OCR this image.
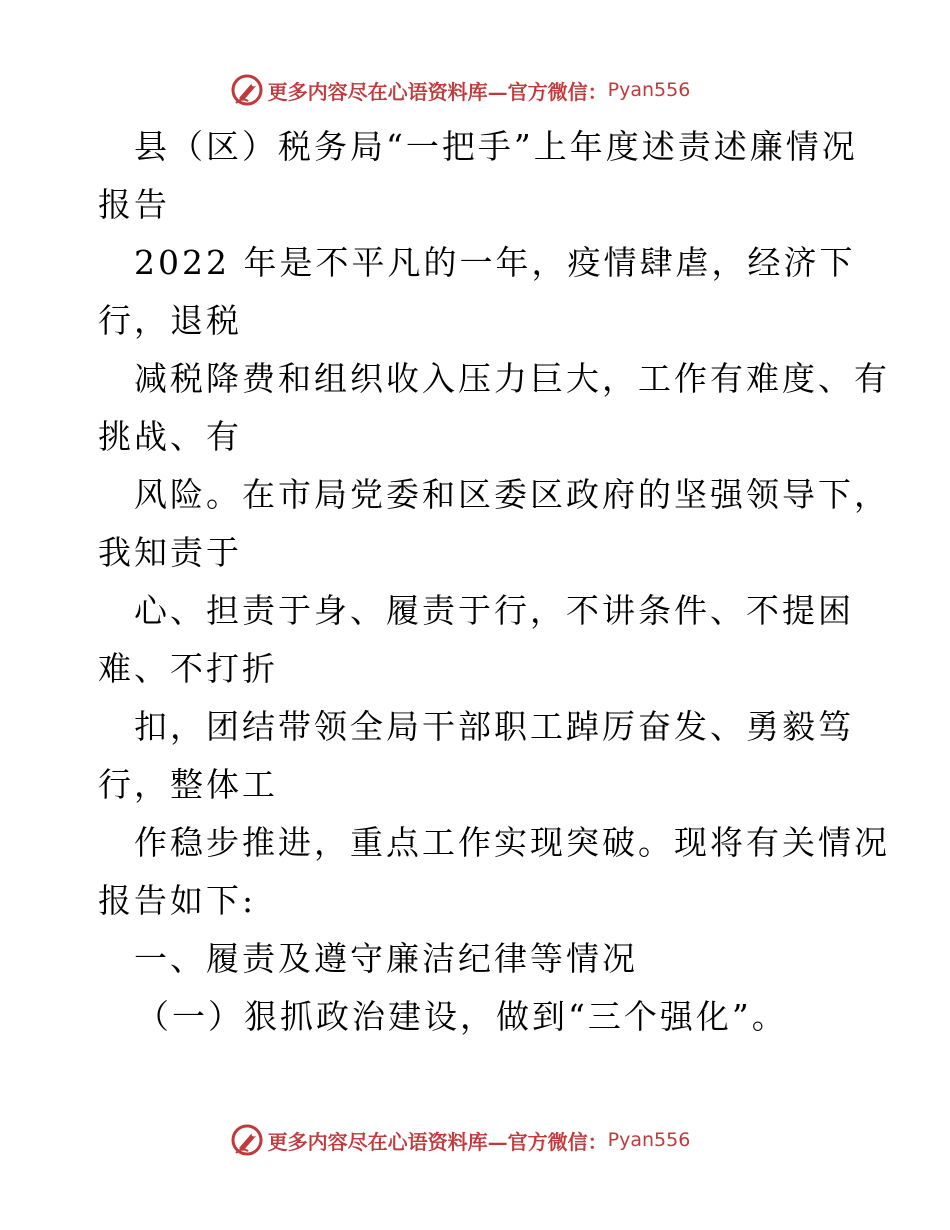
更多内容尽在心语资料库—官方微信： Pyan556
县（区）税务局“一把手”上年度述责述廉情况
报告
2022 年是不平凡的一年，疫情肆虐，经济下
行，退税
减税降费和组织收入压力巨大，工作有难度、有
挑战、有
风险。在市局党委和区委区政府的坚强领导下，
我知责于
心、担责于身、履责于行，不讲条件、不提困
难、不打折
扣，团结带领全局干部职工踔厉奋发、勇毅笃
行，整体工
作稳步推进，重点工作实现突破。现将有关情况
报告如下:
一、履责及遵守廉洁纪律等情况
（一）狠抓政治建设，做到“三个强化”。
更多内容尽在心语资料库—官方微信： Pyan556
